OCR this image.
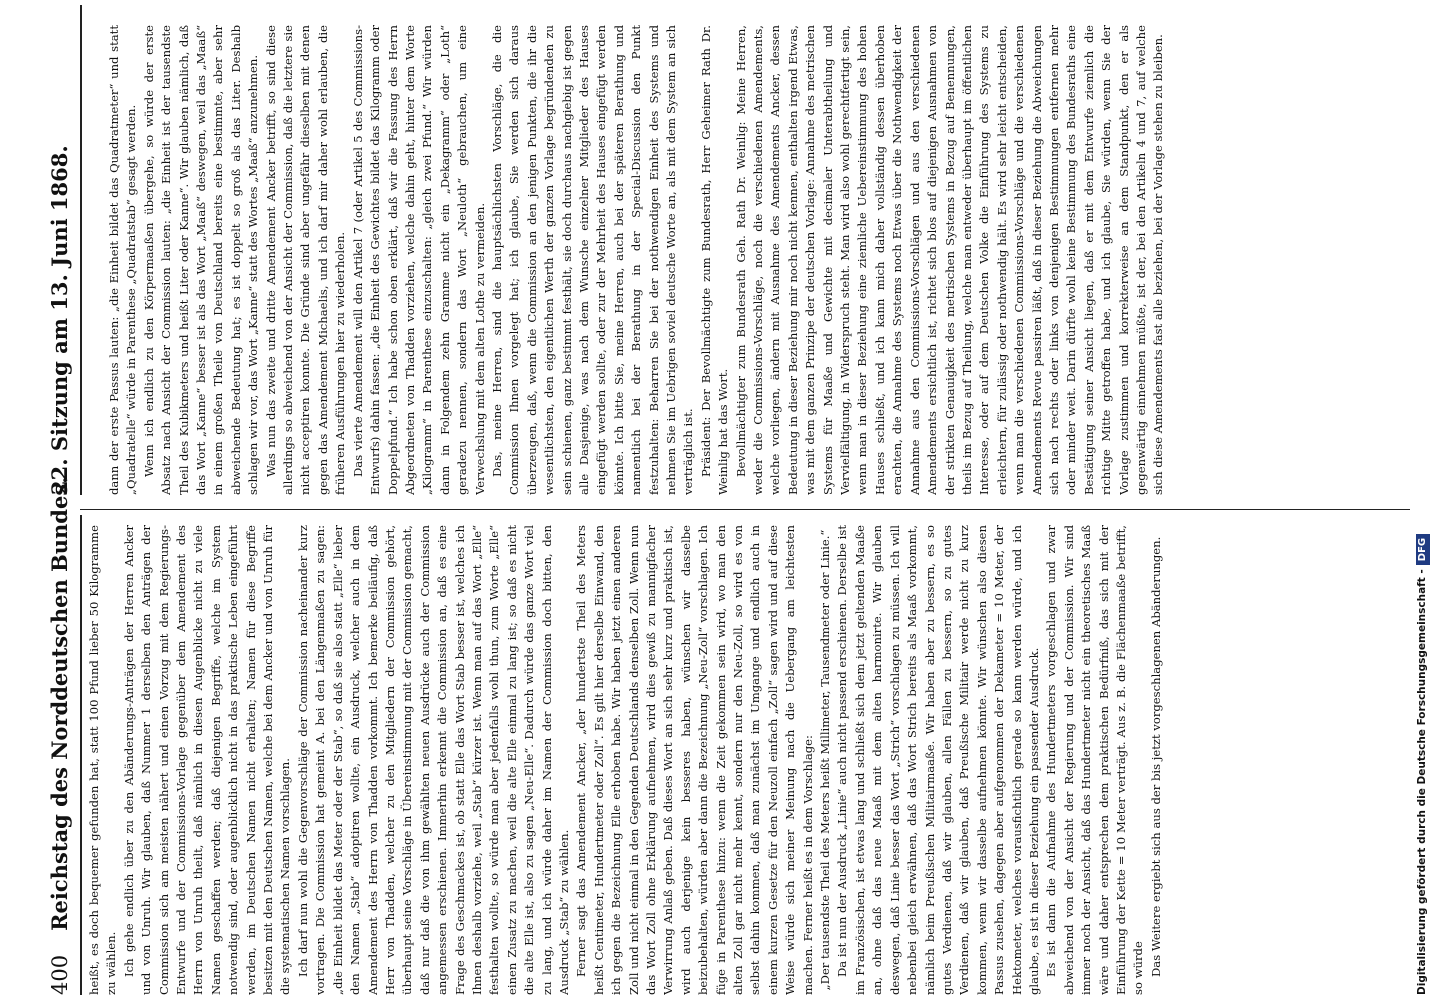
400
Reichstag des Norddeutschen Bundes.
22. Sitzung am 13. Juni 1868.

heißt, es doch bequemer gefunden hat, statt 100 Pfund lieber 50 Kilogramme zu wählen. Ich gehe endlich über zu den Abänderungs-Anträgen der Herren Ancker und von Unruh. Wir glauben, daß Nummer 1 derselben den Anträgen der Commission sich am meisten nähert und einen Vorzug mit dem Regierungs-Entwurfe und der Commissions-Vorlage gegenüber dem Amendement des Herrn von Unruh theilt, daß nämlich in diesen Augenblicke nicht zu viele Namen geschaffen werden; daß diejenigen Begriffe, welche im System notwendig sind, oder augenblicklich nicht in das praktische Leben eingeführt werden, im Deutschen Namen nicht erhalten; Namen für diese Begriffe besitzen mit den Deutschen Namen, welche bei dem Ancker und von Unruh für die systematischen Namen vorschlagen. Ich darf nun wohl die Gegenvorschläge der Commission nacheinander kurz vortragen. Die Commission hat gemeint A. bei den Längenmaßen zu sagen: „die Einheit bildet das Meter oder der Stab“, so daß sie also statt „Elle“ lieber den Namen „Stab“ adoptiren wollte, ein Ausdruck, welcher auch in dem Amendement des Herrn von Thadden vorkommt. Ich bemerke beiläufig, daß Herr von Thadden, welcher zu den Mitgliedern der Commission gehört, überhaupt seine Vorschläge in Übereinstimmung mit der Commission gemacht, daß nur daß die von ihm gewählten neuen Ausdrücke auch der Commission angemessen erschienen. Immerhin erkennt die Commission an, daß es eine Frage des Geschmackes ist, ob statt Elle das Wort Stab besser ist, welches ich Ihnen deshalb vorziehe, weil „Stab“ kürzer ist. Wenn man auf das Wort „Elle“ festhalten wollte, so würde man aber jedenfalls wohl thun, zum Worte „Elle“ einen Zusatz zu machen, weil die alte Elle einmal zu lang ist; so daß es nicht die alte Elle ist, also zu sagen „Neu-Elle“. Dadurch würde das ganze Wort viel zu lang, und ich würde daher im Namen der Commission doch bitten, den Ausdruck „Stab“ zu wählen. Ferner sagt das Amendement Ancker, „der hundertste Theil des Meters heißt Centimeter, Hundertmeter oder Zoll“. Es gilt hier derselbe Einwand, den ich gegen die Bezeichnung Elle erhoben habe. Wir haben jetzt einen anderen Zoll und nicht einmal in den Gegenden Deutschlands denselben Zoll. Wenn nun das Wort Zoll ohne Erklärung aufnehmen, wird dies gewiß zu mannigfacher Verwirrung Anlaß geben. Daß dieses Wort an sich sehr kurz und praktisch ist, wird auch derjenige kein besseres haben, wünschen wir dasselbe beizubehalten, würden aber dann die Bezeichnung „Neu-Zoll“ vorschlagen. Ich füge in Parenthese hinzu: wenn die Zeit gekommen sein wird, wo man den alten Zoll gar nicht mehr kennt, sondern nur den Neu-Zoll, so wird es von selbst dahin kommen, daß man zunächst im Umgange und endlich auch in einem kurzen Gesetze für den Neuzoll einfach „Zoll“ sagen wird und auf diese Weise würde sich meiner Meinung nach die Uebergang am leichtesten machen. Ferner heißt es in dem Vorschlage: „Der tausendste Theil des Meters heißt Millimeter, Tausendmeter oder Linie.“ Da ist nun der Ausdruck „Linie“ auch nicht passend erschienen. Derselbe ist im Französischen, ist etwas lang und schließt sich dem jetzt geltenden Maaße an, ohne daß das neue Maaß mit dem alten harmonirte. Wir glauben deswegen, daß Linie besser das Wort „Strich“ vorschlagen zu müssen. Ich will nebenbei gleich erwähnen, daß das Wort Strich bereits als Maaß vorkommt, nämlich beim Preußischen Militairmaaße. Wir haben aber zu bessern, es so gutes Verdienen, daß wir glauben, allen Fällen zu bessern, so zu gutes Verdienen, daß wir glauben, daß Preußische Militair werde nicht zu kurz kommen, wenn wir dasselbe aufnehmen könnte. Wir wünschen also diesen Passus zusehen, dagegen aber aufgenommen der Dekameter = 10 Meter, der Hektometer, welches vorausfichtlich gerade so kann werden würde, und ich glaube, es ist in dieser Beziehung ein passender Ausdruck. Es ist dann die Aufnahme des Hundertmeters vorgeschlagen und zwar abweichend von der Ansicht der Regierung und der Commission. Wir sind immer noch der Ansicht, daß das Hundertmeter nicht ein theoretisches Maaß wäre und daher entsprechen dem praktischen Bedürfniß, das sich mit der Einführung der Kette = 10 Meter verträgt. Aus z. B. die Flächenmaaße betrifft, so würde Das Weitere ergiebt sich aus der bis jetzt vorgeschlagenen Abänderungen.

dann der erste Passus lauten: „die Einheit bildet das Quadratmeter“ und statt „Quadratelle“ würde in Parenthese „Quadratstab“ gesagt werden. Wenn ich endlich zu den Körpermaaßen übergehe, so würde der erste Absatz nach Ansicht der Commission lauten: „die Einheit ist der tausendste Theil des Kubikmeters und heißt Liter oder Kanne“. Wir glauben nämlich, daß das Wort „Kanne“ besser ist als das Wort „Maaß“ deswegen, weil das „Maaß“ in einem großen Theile von Deutschland bereits eine bestimmte, aber sehr abweichende Bedeutung hat; es ist doppelt so groß als das Liter. Deshalb schlagen wir vor, das Wort „Kanne“ statt des Wortes „Maaß“ anzunehmen. Was nun das zweite und dritte Amendement Ancker betrifft, so sind diese allerdings so abweichend von der Ansicht der Commission, daß die letztere sie nicht acceptiren konnte. Die Gründe sind aber ungefähr dieselben mit denen gegen das Amendement Michaelis, und ich darf mir daher wohl erlauben, die früheren Ausführungen hier zu wiederholen. Das vierte Amendement will den Artikel 7 (oder Artikel 5 des Commissions-Entwurfs) dahin fassen: „die Einheit des Gewichtes bildet das Kilogramm oder Doppelpfund.“ Ich habe schon oben erklärt, daß wir die Fassung des Herrn Abgeordneten von Thadden vorziehen, welche dahin geht, hinter dem Worte „Kilogramm“ in Parenthese einzuschalten: „gleich zwei Pfund.“ Wir würden dann in Folgendem zehn Gramme nicht ein „Dekagramm“ oder „Loth“ geradezu nennen, sondern das Wort „Neuloth“ gebrauchen, um eine Verwechslung mit dem alten Lothe zu vermeiden. Das, meine Herren, sind die hauptsächlichsten Vorschläge, die die Commission Ihnen vorgelegt hat; ich glaube, Sie werden sich daraus überzeugen, daß, wenn die Commission an den jenigen Punkten, die ihr die wesentlichsten, den eigentlichen Werth der ganzen Vorlage begründenden zu sein schienen, ganz bestimmt festhält, sie doch durchaus nachgiebig ist gegen alle Dasjenige, was nach dem Wunsche einzelner Mitglieder des Hauses eingefügt werden sollte, oder zur der Mehrheit des Hauses eingefügt werden könnte. Ich bitte Sie, meine Herren, auch bei der späteren Berathung und namentlich bei der Berathung in der Special-Discussion den Punkt festzuhalten: Beharren Sie bei der nothwendigen Einheit des Systems und nehmen Sie im Uebrigen soviel deutsche Worte an, als mit dem System an sich verträglich ist. Präsident: Der Bevollmächtigte zum Bundesrath, Herr Geheimer Rath Dr. Weinlig hat das Wort. Bevollmächtigter zum Bundesrath Geh. Rath Dr. Weinlig: Meine Herren, weder die Commissions-Vorschläge, noch die verschiedenen Amendements, welche vorliegen, ändern mit Ausnahme des Amendements Ancker, dessen Bedeutung in dieser Beziehung mir noch nicht kennen, enthalten irgend Etwas, was mit dem ganzen Prinzipe der deutschen Vorlage: Annahme des metrischen Systems für Maaße und Gewichte mit decimaler Unterabtheilung und Vervielfältigung, in Widerspruch steht. Man wird also wohl gerechtfertigt sein, wenn man in dieser Beziehung eine ziemliche Uebereinstimmung des hohen Hauses schließt, und ich kann mich daher vollständig dessen überhoben erachten, die Annahme des Systems noch Etwas über die Nothwendigkeit der Annahme aus den Commissions-Vorschlägen und aus den verschiedenen Amendements ersichtlich ist, richtet sich blos auf diejenigen Ausnahmen von der strikten Genauigkeit des metrischen Systems in Bezug auf Benennungen, theils im Bezug auf Theilung, welche man entweder überhaupt im öffentlichen Interesse, oder auf dem Deutschen Volke die Einführung des Systems zu erleichtern, für zulässig oder nothwendig hält. Es wird sehr leicht entscheiden, wenn man die verschiedenen Commissions-Vorschläge und die verschiedenen Amendements Revue passiren läßt, daß in dieser Beziehung die Abweichungen sich nach rechts oder links von denjenigen Bestimmungen entfernen mehr oder minder weit. Darin dürfte wohl keine Bestimmung des Bundesraths eine Bestätigung seiner Ansicht liegen, daß er mit dem Entwurfe ziemlich die richtige Mitte getroffen habe, und ich glaube, Sie würden, wenn Sie der Vorlage zustimmen und korrekterweise an dem Standpunkt, den er als gegenwärtig einnehmen müßte, ist der, bei den Artikeln 4 und 7, auf welche sich diese Amendements fast alle beziehen, bei der Vorlage stehen zu bleiben.

Digitalisierung gefördert durch die Deutsche Forschungsgemeinschaft -
DFG
